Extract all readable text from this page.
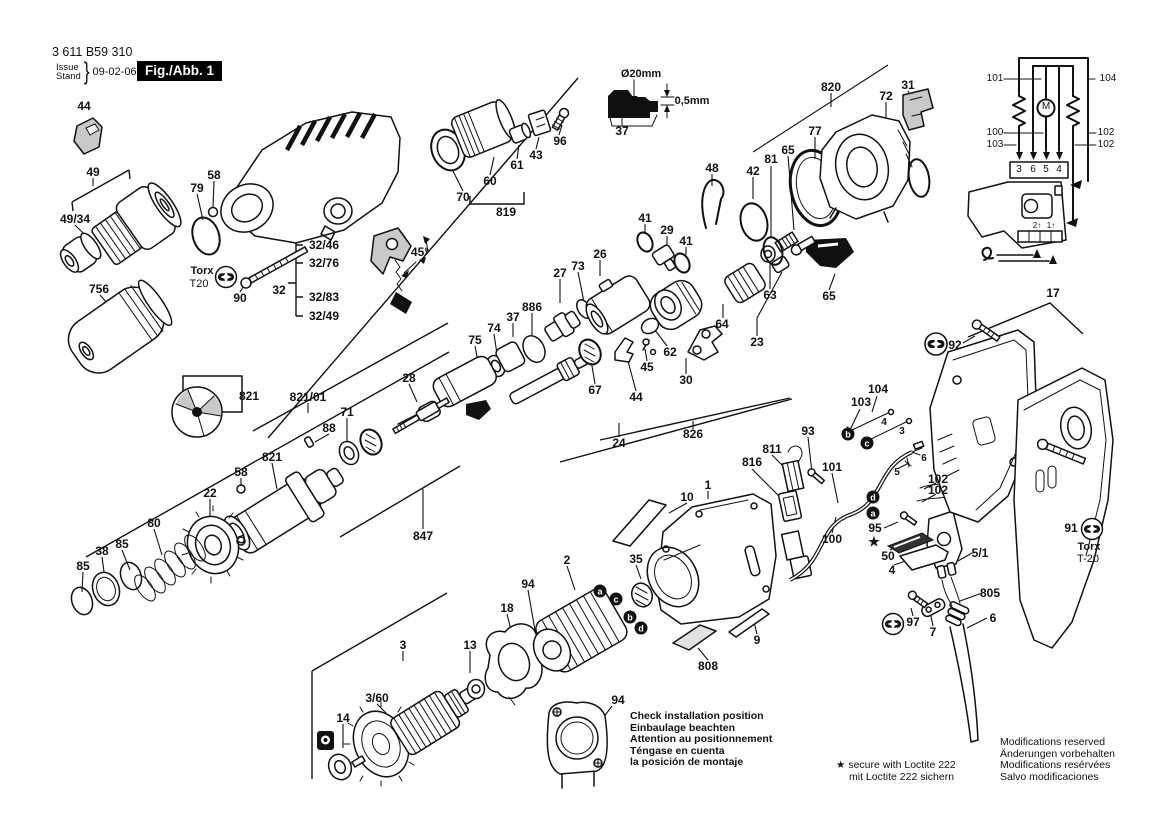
44
49
49/34
756
79
58
Torx
T20
90
32
32/46
32/76
32/83
32/49
45°
70
60
819
61
43
96
Ø20mm
0,5mm
37
26
73
27
29
41
41
48 42
81
65
77
820
72
31
65
63
64
886
37
74
75
62
45
30
23
67 44
24
826
28
821	821/01
71
88
821
58
22
80
85
38
85
847
3	13
3/60
14
18
94
2	35
10
1
9
808
94
816
811
93
103
104
101
100
102
102
95
★
50
4
5/1
805
6
97
7
92
17
91
Torx
T-20
4
3
5
6
b
c
d
a
a
c
b
d
101	104
100
103
102
102
M
3 6 5 4
2↑ 1↑
3 611 B59 310
Issue
Stand } 09-02-06 Fig./Abb. 1
Check installation position
Einbaulage beachten
Attention au positionnement
Téngase en cuenta
la posición de montaje	★ secure with Loctite 222
mit Loctite 222 sichern
Modifications reserved
Änderungen vorbehalten
Modifications resérvées
Salvo modificaciones
